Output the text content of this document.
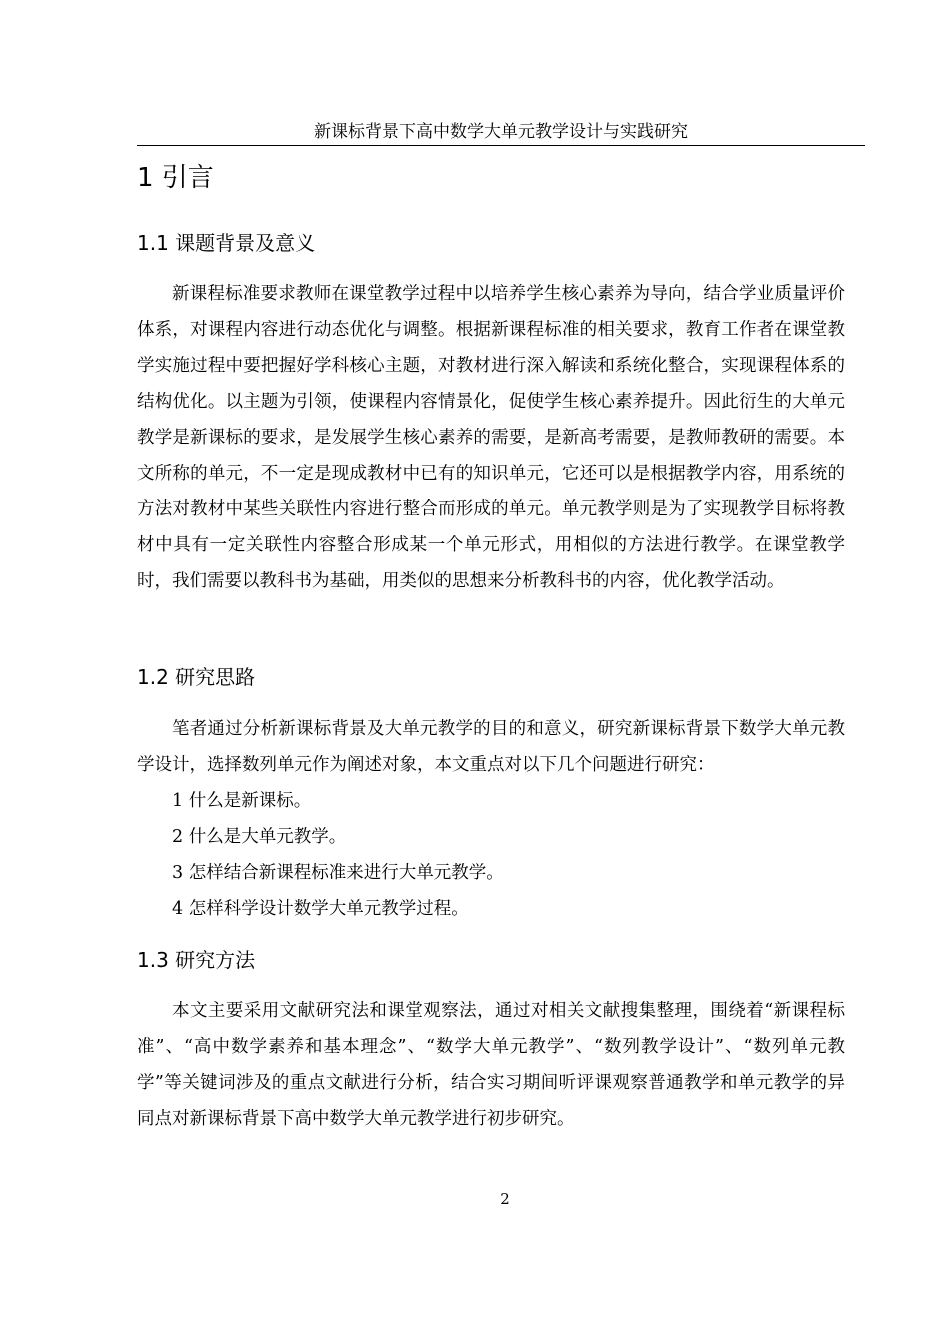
新课标背景下高中数学大单元教学设计与实践研究
1 引言
1.1 课题背景及意义

新课程标准要求教师在课堂教学过程中以培养学生核心素养为导向，结合学业质量评价体系，对课程内容进行动态优化与调整。根据新课程标准的相关要求，教育工作者在课堂教学实施过程中要把握好学科核心主题，对教材进行深入解读和系统化整合，实现课程体系的结构优化。以主题为引领，使课程内容情景化，促使学生核心素养提升。因此衍生的大单元教学是新课标的要求，是发展学生核心素养的需要，是新高考需要，是教师教研的需要。本文所称的单元，不一定是现成教材中已有的知识单元，它还可以是根据教学内容，用系统的方法对教材中某些关联性内容进行整合而形成的单元。单元教学则是为了实现教学目标将教材中具有一定关联性内容整合形成某一个单元形式，用相似的方法进行教学。在课堂教学时，我们需要以教科书为基础，用类似的思想来分析教科书的内容，优化教学活动。

1.2 研究思路

笔者通过分析新课标背景及大单元教学的目的和意义，研究新课标背景下数学大单元教学设计，选择数列单元作为阐述对象，本文重点对以下几个问题进行研究：

1 什么是新课标。
2 什么是大单元教学。
3 怎样结合新课程标准来进行大单元教学。
4 怎样科学设计数学大单元教学过程。
1.3 研究方法

本文主要采用文献研究法和课堂观察法，通过对相关文献搜集整理，围绕着“新课程标准”、“高中数学素养和基本理念”、“数学大单元教学”、“数列教学设计”、“数列单元教学”等关键词涉及的重点文献进行分析，结合实习期间听评课观察普通教学和单元教学的异同点对新课标背景下高中数学大单元教学进行初步研究。

2
